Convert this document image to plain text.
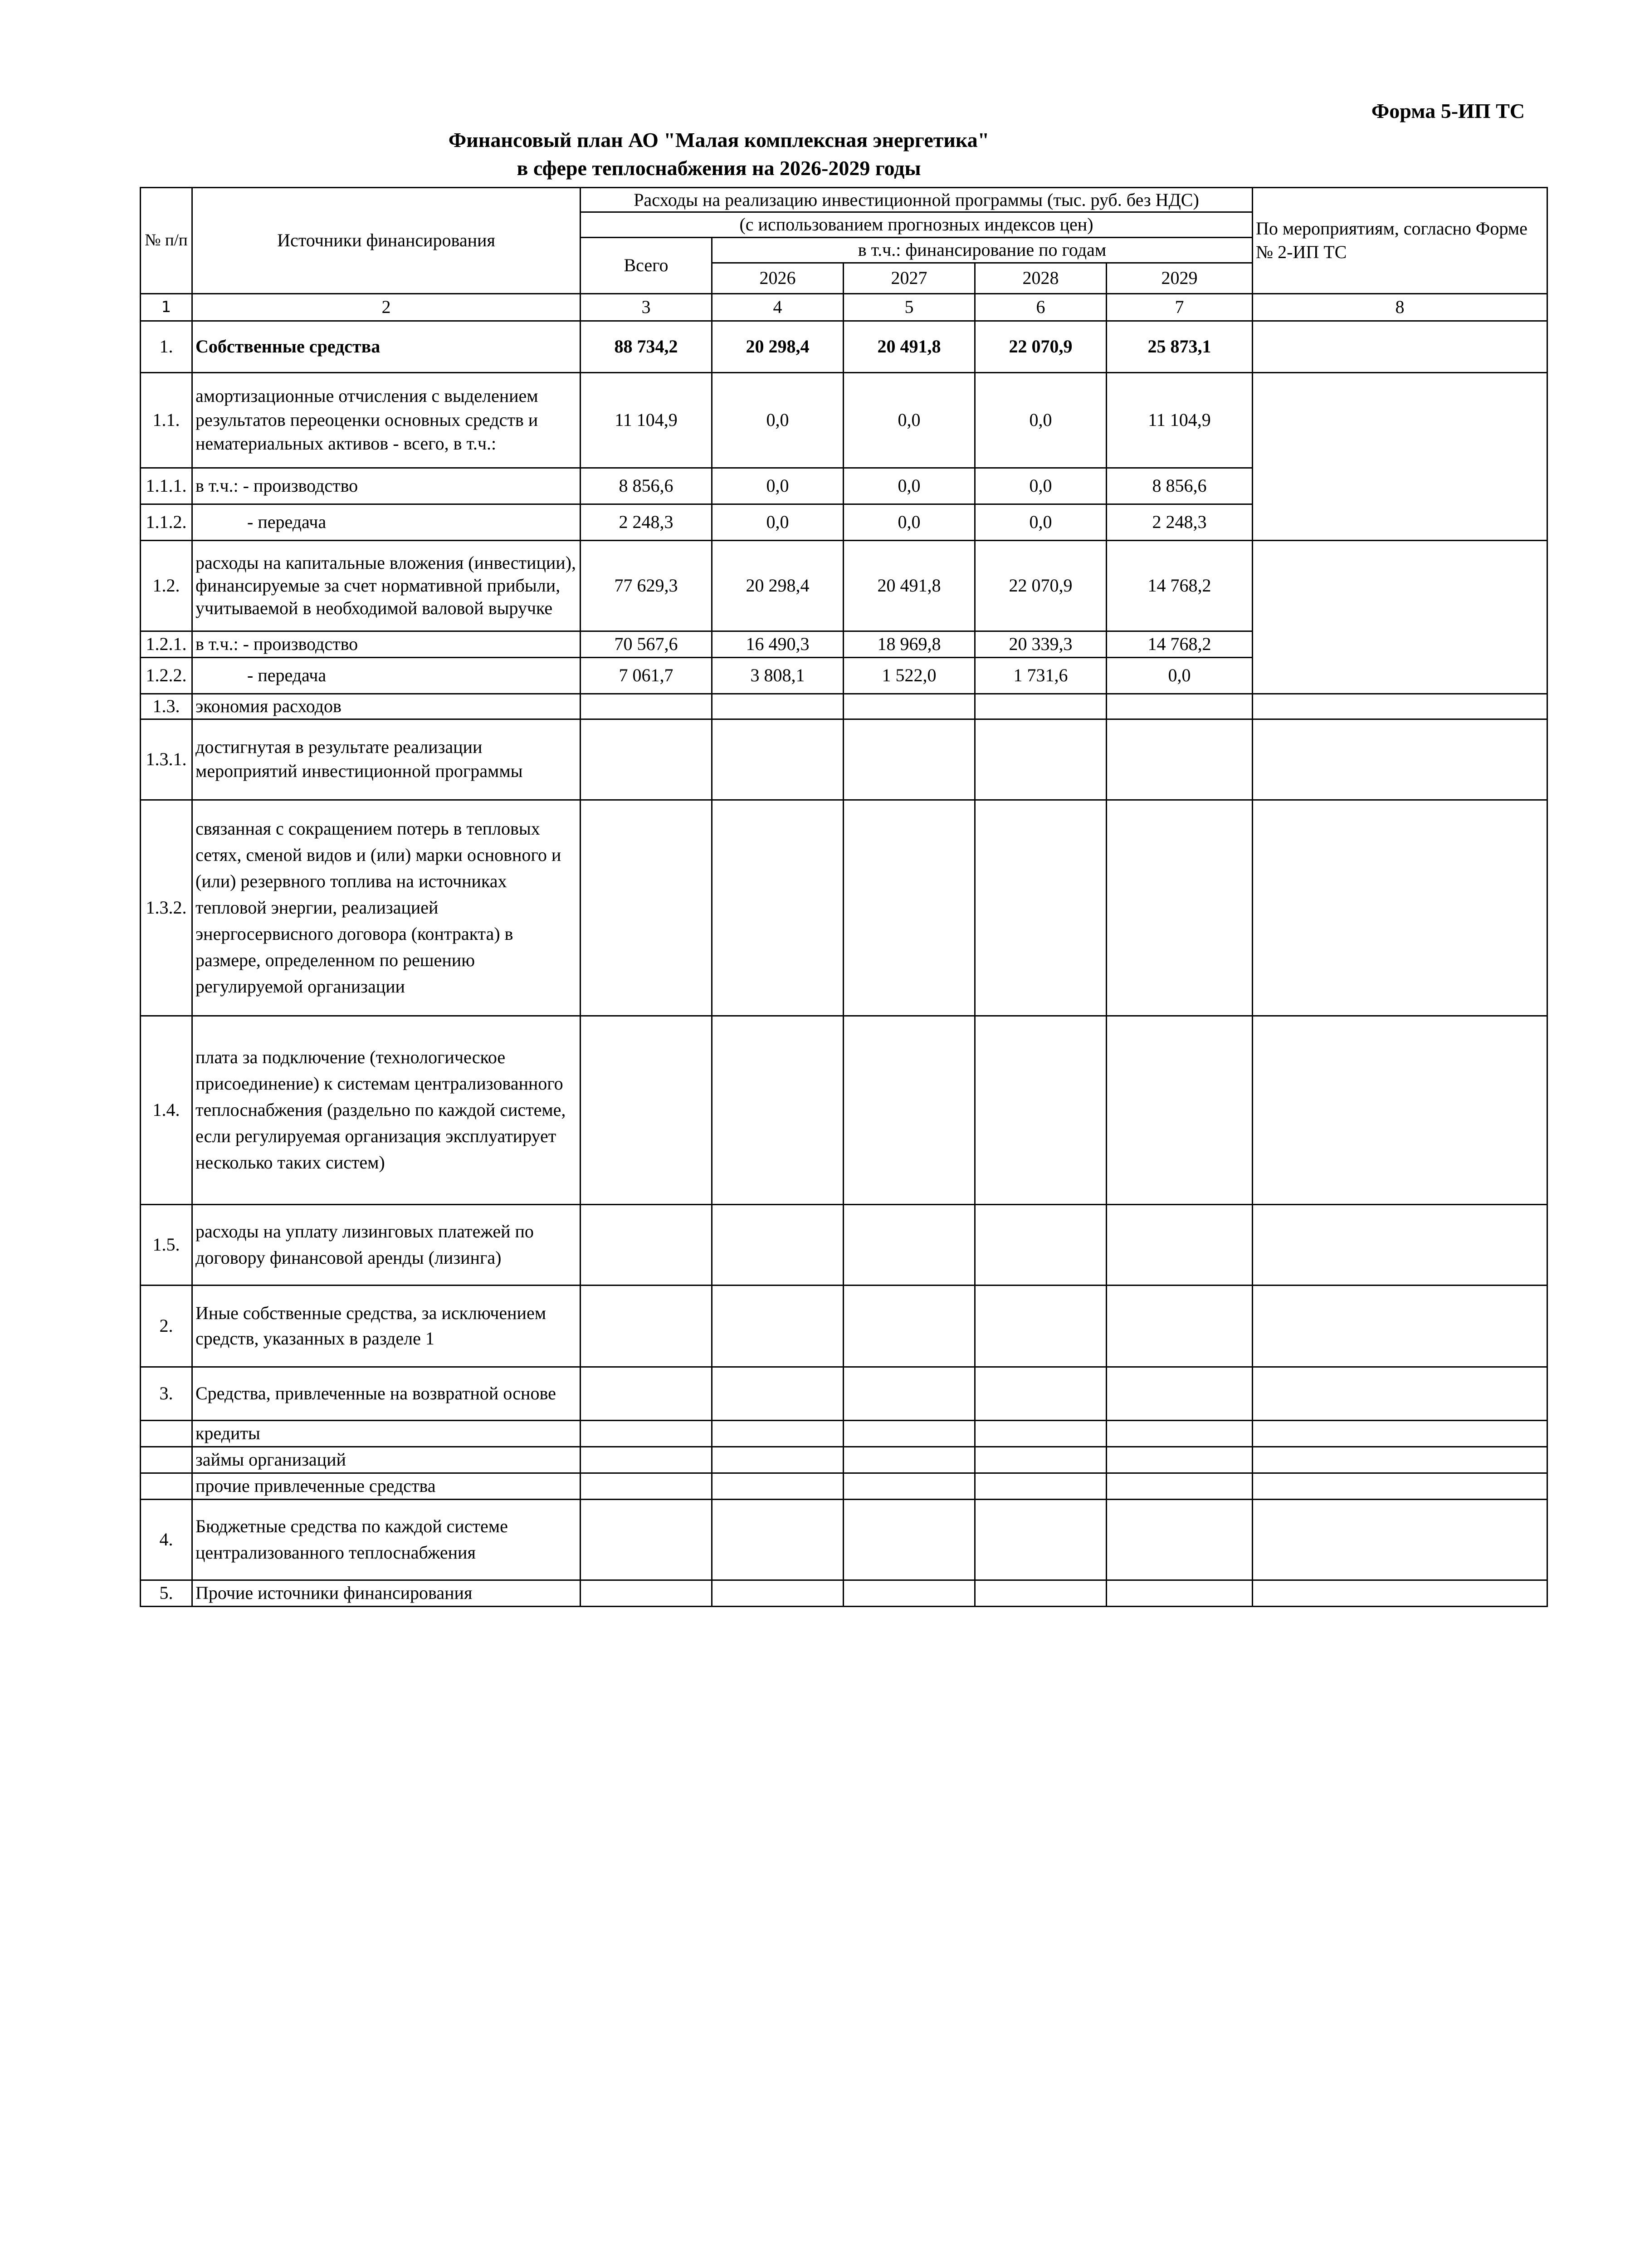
Форма 5-ИП ТС
Финансовый план АО "Малая комплексная энергетика"
в сфере теплоснабжения на 2026-2029 годы
№ п/п	Источники финансирования	Расходы на реализацию инвестиционной программы (тыс. руб. без НДС)					По мероприятиям, согласно Форме № 2-ИП ТС
		(с использованием прогнозных индексов цен)					
		Всего	в т.ч.: финансирование по годам				
			2026	2027	2028	2029	
1	2	3	4	5	6	7	8
1.	Собственные средства	88 734,2	20 298,4	20 491,8	22 070,9	25 873,1	
1.1.	амортизационные отчисления с выделением результатов переоценки основных средств и нематериальных активов - всего, в т.ч.:	11 104,9	0,0	0,0	0,0	11 104,9	
1.1.1.	в т.ч.: - производство	8 856,6	0,0	0,0	0,0	8 856,6	
1.1.2.	- передача	2 248,3	0,0	0,0	0,0	2 248,3	
1.2.	расходы на капитальные вложения (инвестиции), финансируемые за счет нормативной прибыли, учитываемой в необходимой валовой выручке	77 629,3	20 298,4	20 491,8	22 070,9	14 768,2	
1.2.1.	в т.ч.: - производство	70 567,6	16 490,3	18 969,8	20 339,3	14 768,2	
1.2.2.	- передача	7 061,7	3 808,1	1 522,0	1 731,6	0,0	
1.3.	экономия расходов						
1.3.1.	достигнутая в результате реализации мероприятий инвестиционной программы						
1.3.2.	связанная с сокращением потерь в тепловых сетях, сменой видов и (или) марки основного и (или) резервного топлива на источниках тепловой энергии, реализацией энергосервисного договора (контракта) в размере, определенном по решению регулируемой организации						
1.4.	плата за подключение (технологическое присоединение) к системам централизованного теплоснабжения (раздельно по каждой системе, если регулируемая организация эксплуатирует несколько таких систем)						
1.5.	расходы на уплату лизинговых платежей по договору финансовой аренды (лизинга)						
2.	Иные собственные средства, за исключением средств, указанных в разделе 1						
3.	Средства, привлеченные на возвратной основе						
	кредиты						
	займы организаций						
	прочие привлеченные средства						
4.	Бюджетные средства по каждой системе централизованного теплоснабжения						
5.	Прочие источники финансирования						
